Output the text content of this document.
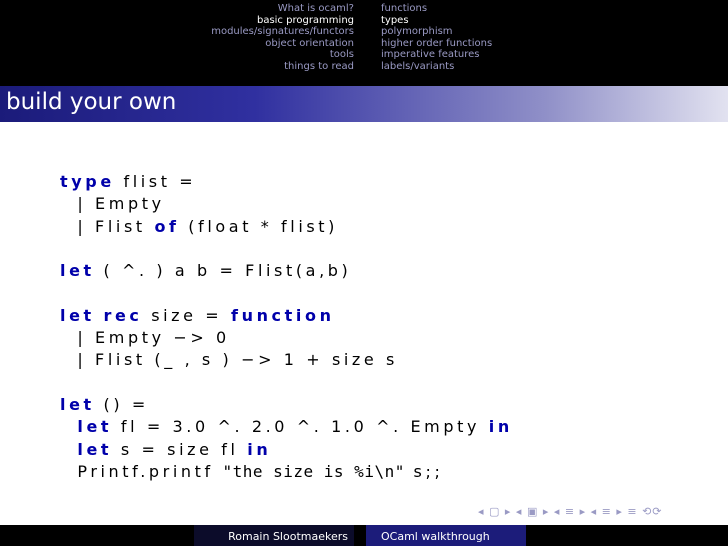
What is ocaml?
basic programming
modules/signatures/functors
object orientation
tools
things to read
functions
types
polymorphism
higher order functions
imperative features
labels/variants
build your own
type flist =
| Empty
| Flist of (float * flist)

let ( ^. ) a b = Flist(a,b)

let rec size = function
| Empty −> 0
| Flist (_ , s ) −> 1 + size s

let () =
let fl = 3.0 ^. 2.0 ^. 1.0 ^. Empty in
let s = size fl in
Printf.printf "the size is %i\n" s;;
◂ ▢ ▸ ◂ ▣ ▸ ◂ ≡ ▸ ◂ ≡ ▸ ≡ ⟲⟳
Romain Slootmaekers	OCaml walkthrough
